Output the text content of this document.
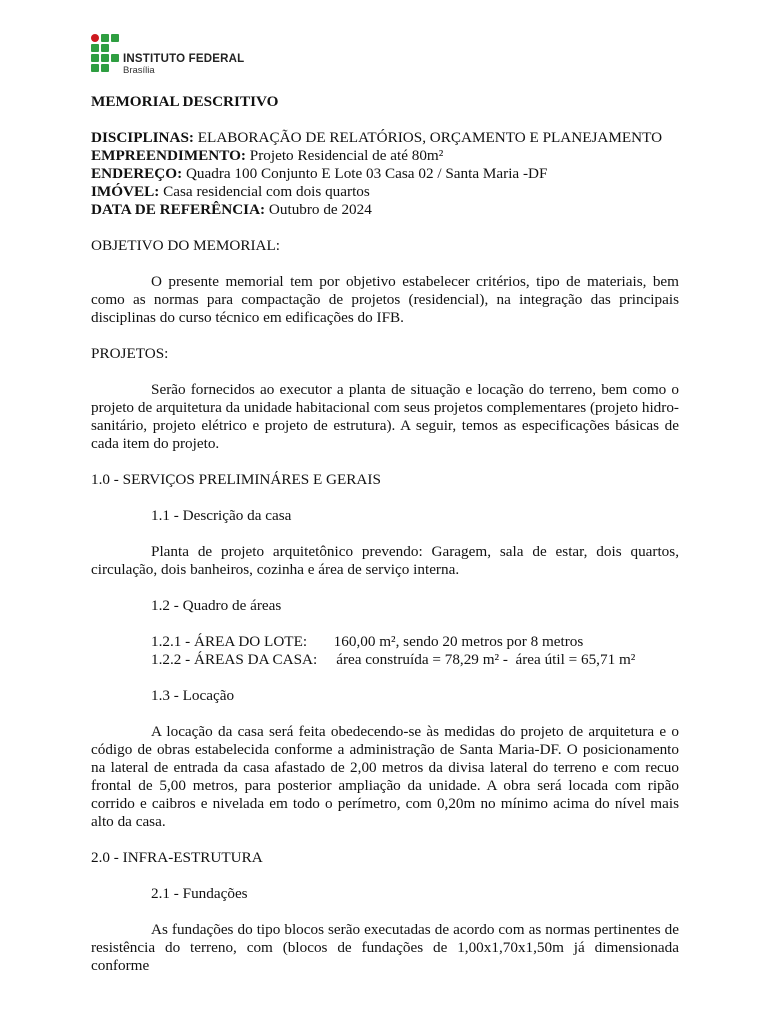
INSTITUTO FEDERAL
Brasília

MEMORIAL DESCRITIVO

DISCIPLINAS: ELABORAÇÃO DE RELATÓRIOS, ORÇAMENTO E PLANEJAMENTO

EMPREENDIMENTO: Projeto Residencial de até 80m²

ENDEREÇO: Quadra 100 Conjunto E Lote 03 Casa 02 / Santa Maria -DF

IMÓVEL: Casa residencial com dois quartos

DATA DE REFERÊNCIA: Outubro de 2024

OBJETIVO DO MEMORIAL:

O presente memorial tem por objetivo estabelecer critérios, tipo de materiais, bem como as normas para compactação de projetos (residencial), na integração das principais disciplinas do curso técnico em edificações do IFB.

PROJETOS:

Serão fornecidos ao executor a planta de situação e locação do terreno, bem como o projeto de arquitetura da unidade habitacional com seus projetos complementares (projeto hidro-sanitário, projeto elétrico e projeto de estrutura). A seguir, temos as especificações básicas de cada item do projeto.

1.0 - SERVIÇOS PRELIMINÁRES E GERAIS

1.1 - Descrição da casa

Planta de projeto arquitetônico prevendo: Garagem, sala de estar, dois quartos, circulação, dois banheiros, cozinha e área de serviço interna.

1.2 - Quadro de áreas

1.2.1 - ÁREA DO LOTE:       160,00 m², sendo 20 metros por 8 metros

1.2.2 - ÁREAS DA CASA:     área construída = 78,29 m² -  área útil = 65,71 m²

1.3 - Locação

A locação da casa será feita obedecendo-se às medidas do projeto de arquitetura e o código de obras estabelecida conforme a administração de Santa Maria-DF. O posicionamento na lateral de entrada da casa afastado de 2,00 metros da divisa lateral do terreno e com recuo frontal de 5,00 metros, para posterior ampliação da unidade. A obra será locada com ripão corrido e caibros e nivelada em todo o perímetro, com 0,20m no mínimo acima do nível mais alto da casa.

2.0 - INFRA-ESTRUTURA

2.1 - Fundações

As fundações do tipo blocos serão executadas de acordo com as normas pertinentes de resistência do terreno, com (blocos de fundações de 1,00x1,70x1,50m já dimensionada conforme
